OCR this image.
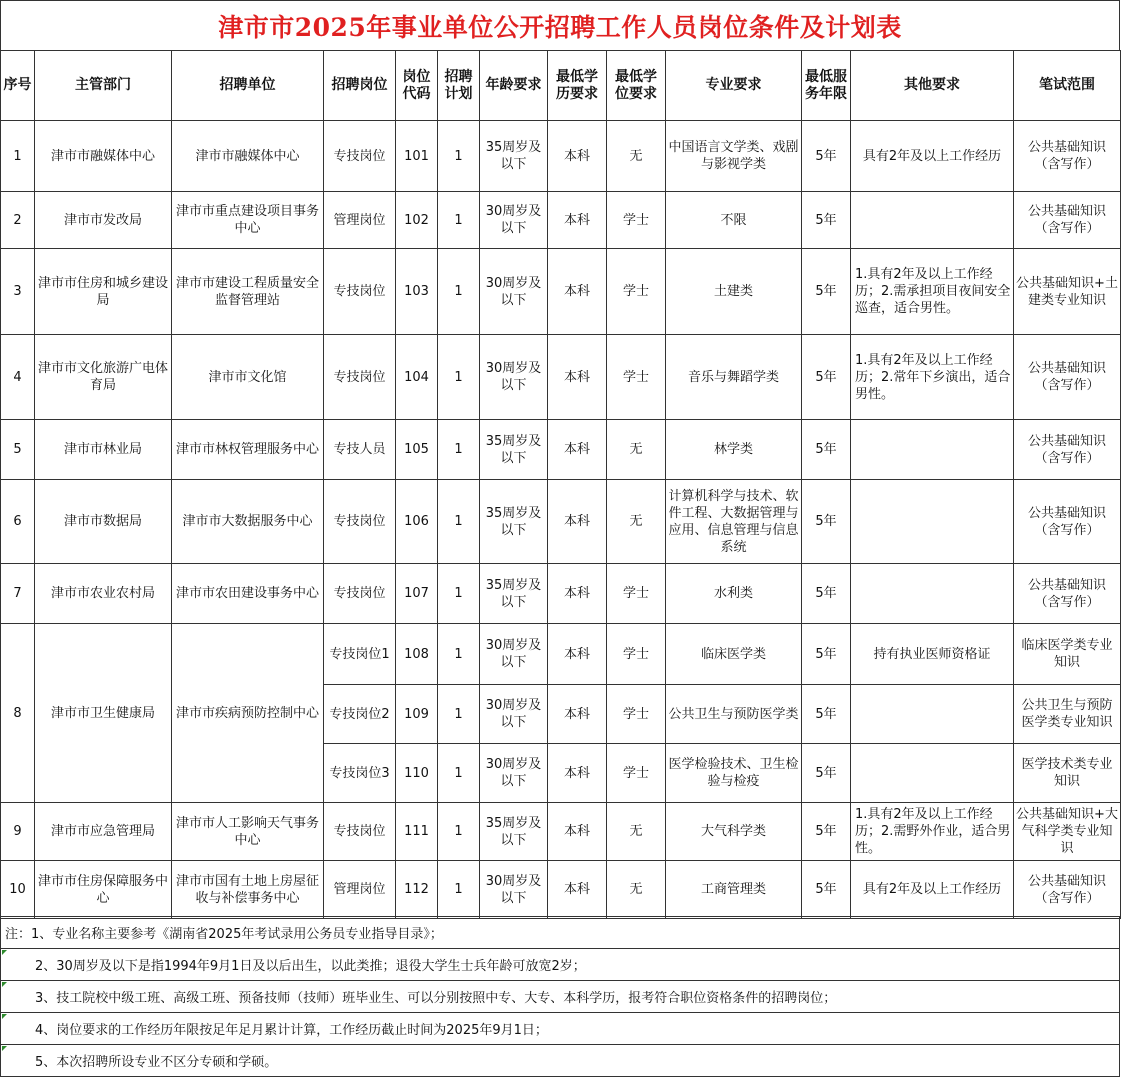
津市市2025年事业单位公开招聘工作人员岗位条件及计划表
序号	主管部门	招聘单位	招聘岗位	岗位代码	招聘计划	年龄要求	最低学历要求	最低学位要求	专业要求	最低服务年限	其他要求	笔试范围
1	津市市融媒体中心	津市市融媒体中心	专技岗位	101	1	35周岁及以下	本科	无	中国语言文学类、戏剧与影视学类	5年	具有2年及以上工作经历	公共基础知识（含写作）
2	津市市发改局	津市市重点建设项目事务中心	管理岗位	102	1	30周岁及以下	本科	学士	不限	5年		公共基础知识（含写作）
3	津市市住房和城乡建设局	津市市建设工程质量安全监督管理站	专技岗位	103	1	30周岁及以下	本科	学士	土建类	5年	1.具有2年及以上工作经历；2.需承担项目夜间安全巡查，适合男性。	公共基础知识+土建类专业知识
4	津市市文化旅游广电体育局	津市市文化馆	专技岗位	104	1	30周岁及以下	本科	学士	音乐与舞蹈学类	5年	1.具有2年及以上工作经历；2.常年下乡演出，适合男性。	公共基础知识（含写作）
5	津市市林业局	津市市林权管理服务中心	专技人员	105	1	35周岁及以下	本科	无	林学类	5年		公共基础知识（含写作）
6	津市市数据局	津市市大数据服务中心	专技岗位	106	1	35周岁及以下	本科	无	计算机科学与技术、软件工程、大数据管理与应用、信息管理与信息系统	5年		公共基础知识（含写作）
7	津市市农业农村局	津市市农田建设事务中心	专技岗位	107	1	35周岁及以下	本科	学士	水利类	5年		公共基础知识（含写作）
8	津市市卫生健康局	津市市疾病预防控制中心	专技岗位1	108	1	30周岁及以下	本科	学士	临床医学类	5年	持有执业医师资格证	临床医学类专业知识
			专技岗位2	109	1	30周岁及以下	本科	学士	公共卫生与预防医学类	5年		公共卫生与预防医学类专业知识
			专技岗位3	110	1	30周岁及以下	本科	学士	医学检验技术、卫生检验与检疫	5年		医学技术类专业知识
9	津市市应急管理局	津市市人工影响天气事务中心	专技岗位	111	1	35周岁及以下	本科	无	大气科学类	5年	1.具有2年及以上工作经历；2.需野外作业，适合男性。	公共基础知识+大气科学类专业知识
10	津市市住房保障服务中心	津市市国有土地上房屋征收与补偿事务中心	管理岗位	112	1	30周岁及以下	本科	无	工商管理类	5年	具有2年及以上工作经历	公共基础知识（含写作）
注：1、专业名称主要参考《湖南省2025年考试录用公务员专业指导目录》；
2、30周岁及以下是指1994年9月1日及以后出生，以此类推；退役大学生士兵年龄可放宽2岁；
3、技工院校中级工班、高级工班、预备技师（技师）班毕业生、可以分别按照中专、大专、本科学历，报考符合职位资格条件的招聘岗位；
4、岗位要求的工作经历年限按足年足月累计计算，工作经历截止时间为2025年9月1日；
5、本次招聘所设专业不区分专硕和学硕。
